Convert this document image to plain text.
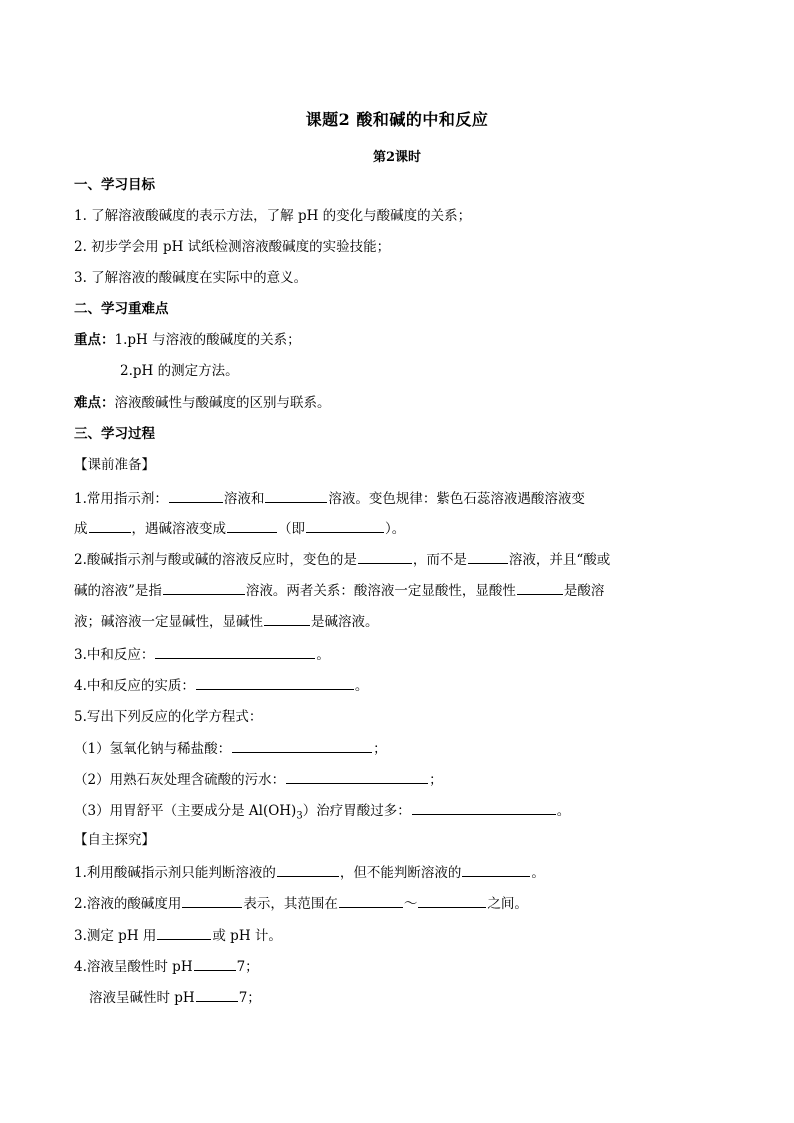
课题2 酸和碱的中和反应
第2课时
一、学习目标
1. 了解溶液酸碱度的表示方法，了解 pH 的变化与酸碱度的关系；
2. 初步学会用 pH 试纸检测溶液酸碱度的实验技能；
3. 了解溶液的酸碱度在实际中的意义。
二、学习重难点
重点：1.pH 与溶液的酸碱度的关系；
2.pH 的测定方法。
难点：溶液酸碱性与酸碱度的区别与联系。
三、学习过程
【课前准备】
1.常用指示剂：	溶液和	溶液。变色规律：紫色石蕊溶液遇酸溶液变
成	，遇碱溶液变成	（即	）。
2.酸碱指示剂与酸或碱的溶液反应时，变色的是	，而不是	溶液，并且“酸或
碱的溶液”是指	溶液。两者关系：酸溶液一定显酸性，显酸性	是酸溶
液；碱溶液一定显碱性，显碱性	是碱溶液。
3.中和反应：	。
4.中和反应的实质：	。
5.写出下列反应的化学方程式：
（1）氢氧化钠与稀盐酸：	；
（2）用熟石灰处理含硫酸的污水：	；
（3）用胃舒平（主要成分是 $Al(OH)_3$）治疗胃酸过多：	。
【自主探究】
1.利用酸碱指示剂只能判断溶液的	，但不能判断溶液的	。
2.溶液的酸碱度用	表示，其范围在	～	之间。
3.测定 pH 用	或 pH 计。
4.溶液呈酸性时 pH	7；
溶液呈碱性时 pH	7；
